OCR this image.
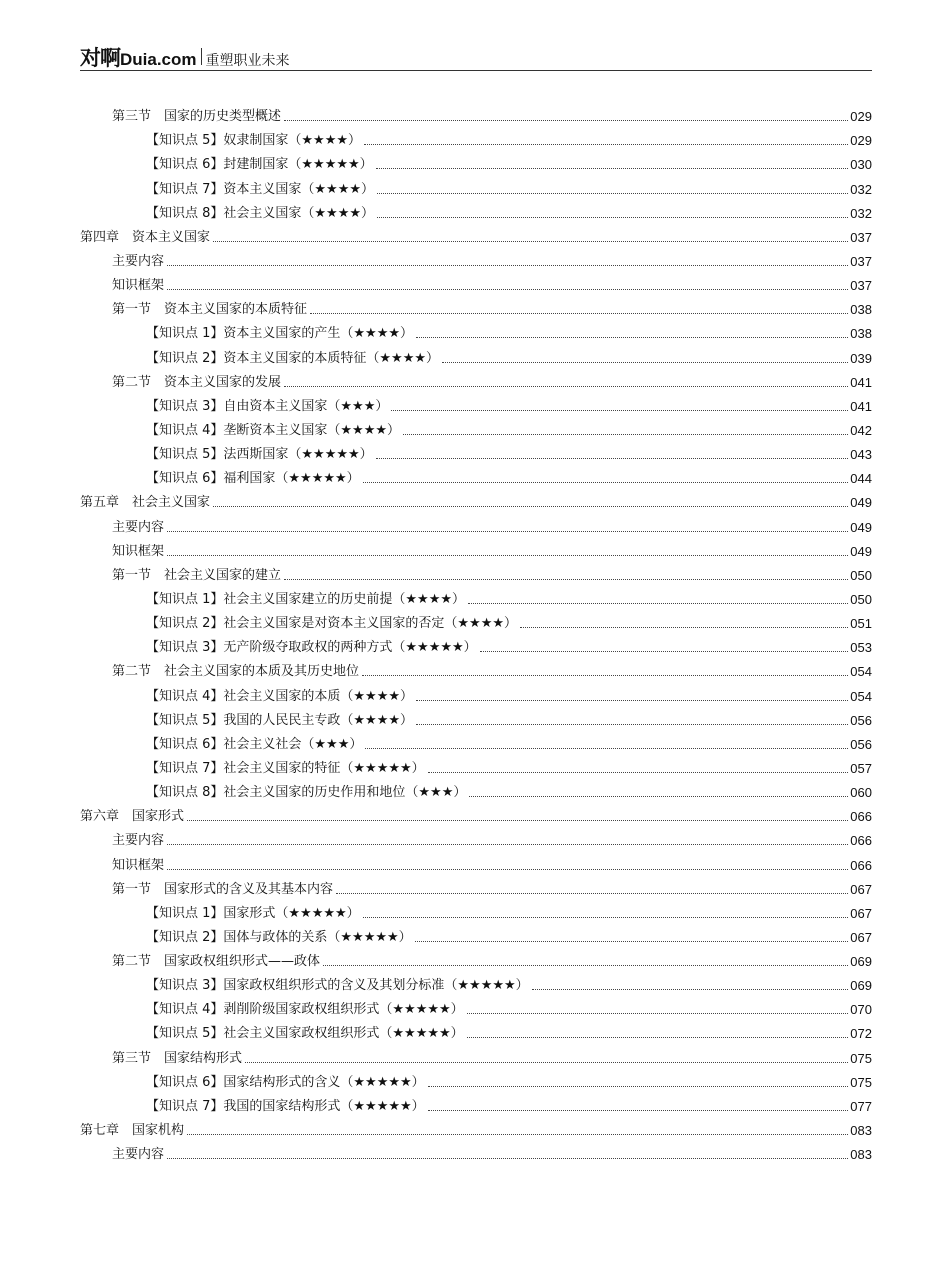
对啊 Duia.com 重塑职业未来
第三节　国家的历史类型概述	029
【知识点 5】奴隶制国家（★★★★）	029
【知识点 6】封建制国家（★★★★★）	030
【知识点 7】资本主义国家（★★★★）	032
【知识点 8】社会主义国家（★★★★）	032
第四章　资本主义国家	037
主要内容	037
知识框架	037
第一节　资本主义国家的本质特征	038
【知识点 1】资本主义国家的产生（★★★★）	038
【知识点 2】资本主义国家的本质特征（★★★★）	039
第二节　资本主义国家的发展	041
【知识点 3】自由资本主义国家（★★★）	041
【知识点 4】垄断资本主义国家（★★★★）	042
【知识点 5】法西斯国家（★★★★★）	043
【知识点 6】福利国家（★★★★★）	044
第五章　社会主义国家	049
主要内容	049
知识框架	049
第一节　社会主义国家的建立	050
【知识点 1】社会主义国家建立的历史前提（★★★★）	050
【知识点 2】社会主义国家是对资本主义国家的否定（★★★★）	051
【知识点 3】无产阶级夺取政权的两种方式（★★★★★）	053
第二节　社会主义国家的本质及其历史地位	054
【知识点 4】社会主义国家的本质（★★★★）	054
【知识点 5】我国的人民民主专政（★★★★）	056
【知识点 6】社会主义社会（★★★）	056
【知识点 7】社会主义国家的特征（★★★★★）	057
【知识点 8】社会主义国家的历史作用和地位（★★★）	060
第六章　国家形式	066
主要内容	066
知识框架	066
第一节　国家形式的含义及其基本内容	067
【知识点 1】国家形式（★★★★★）	067
【知识点 2】国体与政体的关系（★★★★★）	067
第二节　国家政权组织形式——政体	069
【知识点 3】国家政权组织形式的含义及其划分标准（★★★★★）	069
【知识点 4】剥削阶级国家政权组织形式（★★★★★）	070
【知识点 5】社会主义国家政权组织形式（★★★★★）	072
第三节　国家结构形式	075
【知识点 6】国家结构形式的含义（★★★★★）	075
【知识点 7】我国的国家结构形式（★★★★★）	077
第七章　国家机构	083
主要内容	083
